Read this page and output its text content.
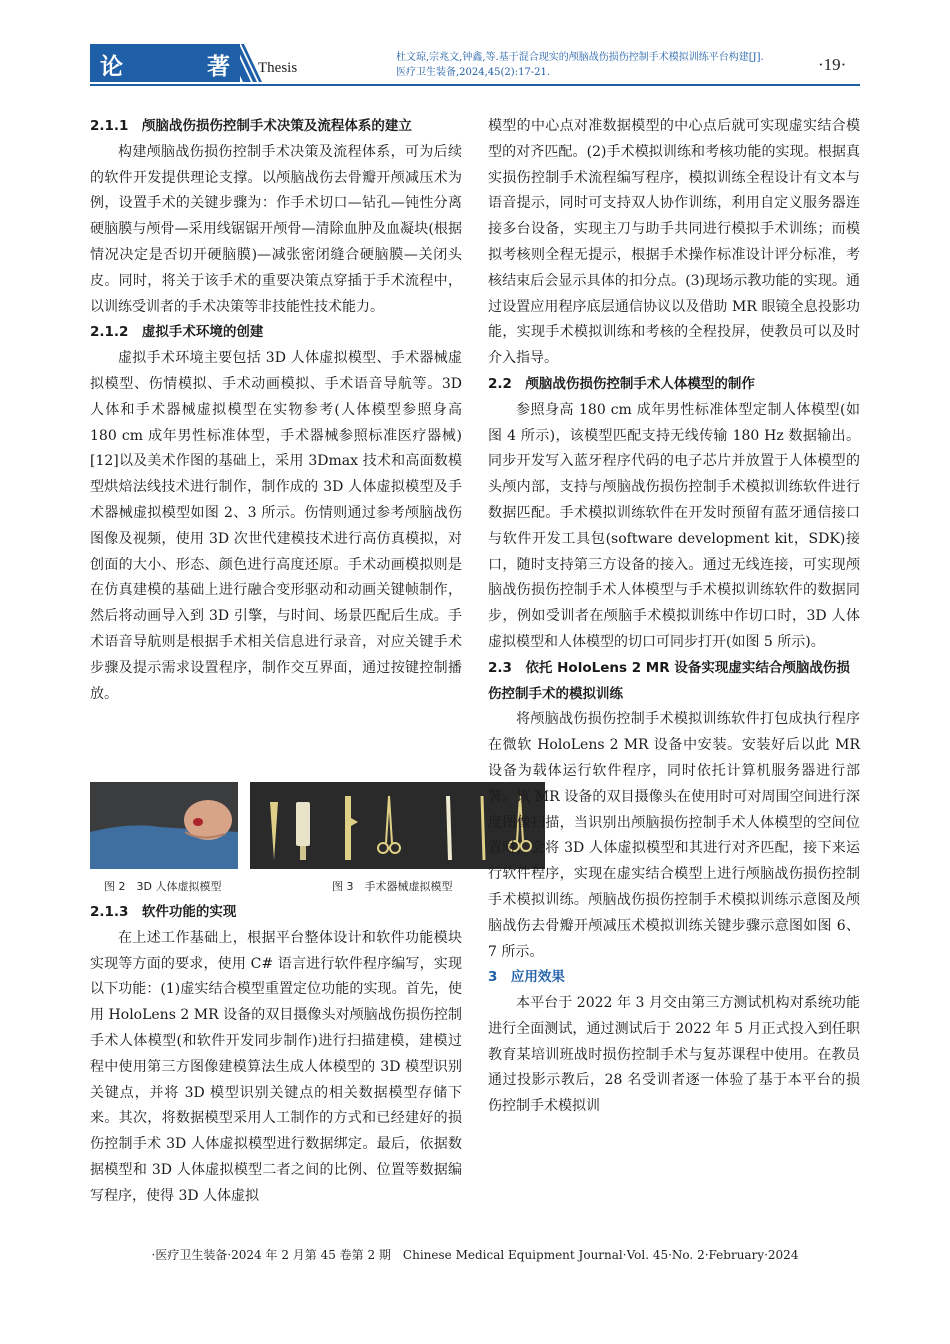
论	著 Thesis
杜文琼,宗兆文,钟鑫,等.基于混合现实的颅脑战伤损伤控制手术模拟训练平台构建[J].
医疗卫生装备,2024,45(2):17-21.	·19·
2.1.1　颅脑战伤损伤控制手术决策及流程体系的建立

构建颅脑战伤损伤控制手术决策及流程体系，可为后续的软件开发提供理论支撑。以颅脑战伤去骨瓣开颅减压术为例，设置手术的关键步骤为：作手术切口—钻孔—钝性分离硬脑膜与颅骨—采用线锯锯开颅骨—清除血肿及血凝块(根据情况决定是否切开硬脑膜)—减张密闭缝合硬脑膜—关闭头皮。同时，将关于该手术的重要决策点穿插于手术流程中，以训练受训者的手术决策等非技能性技术能力。

2.1.2　虚拟手术环境的创建

虚拟手术环境主要包括 3D 人体虚拟模型、手术器械虚拟模型、伤情模拟、手术动画模拟、手术语音导航等。3D 人体和手术器械虚拟模型在实物参考(人体模型参照身高 180 cm 成年男性标准体型，手术器械参照标准医疗器械)[12]以及美术作图的基础上，采用 3Dmax 技术和高面数模型烘焙法线技术进行制作，制作成的 3D 人体虚拟模型及手术器械虚拟模型如图 2、3 所示。伤情则通过参考颅脑战伤图像及视频，使用 3D 次世代建模技术进行高仿真模拟，对创面的大小、形态、颜色进行高度还原。手术动画模拟则是在仿真建模的基础上进行融合变形驱动和动画关键帧制作，然后将动画导入到 3D 引擎，与时间、场景匹配后生成。手术语音导航则是根据手术相关信息进行录音，对应关键手术步骤及提示需求设置程序，制作交互界面，通过按键控制播放。

图 2　3D 人体虚拟模型	图 3　手术器械虚拟模型
2.1.3　软件功能的实现

在上述工作基础上，根据平台整体设计和软件功能模块实现等方面的要求，使用 C# 语言进行软件程序编写，实现以下功能：(1)虚实结合模型重置定位功能的实现。首先，使用 HoloLens 2 MR 设备的双目摄像头对颅脑战伤损伤控制手术人体模型(和软件开发同步制作)进行扫描建模，建模过程中使用第三方图像建模算法生成人体模型的 3D 模型识别关键点，并将 3D 模型识别关键点的相关数据模型存储下来。其次，将数据模型采用人工制作的方式和已经建好的损伤控制手术 3D 人体虚拟模型进行数据绑定。最后，依据数据模型和 3D 人体虚拟模型二者之间的比例、位置等数据编写程序，使得 3D 人体虚拟

模型的中心点对准数据模型的中心点后就可实现虚实结合模型的对齐匹配。(2)手术模拟训练和考核功能的实现。根据真实损伤控制手术流程编写程序，模拟训练全程设计有文本与语音提示，同时可支持双人协作训练，利用自定义服务器连接多台设备，实现主刀与助手共同进行模拟手术训练；而模拟考核则全程无提示，根据手术操作标准设计评分标准，考核结束后会显示具体的扣分点。(3)现场示教功能的实现。通过设置应用程序底层通信协议以及借助 MR 眼镜全息投影功能，实现手术模拟训练和考核的全程投屏，使教员可以及时介入指导。

2.2　颅脑战伤损伤控制手术人体模型的制作

参照身高 180 cm 成年男性标准体型定制人体模型(如图 4 所示)，该模型匹配支持无线传输 180 Hz 数据输出。同步开发写入蓝牙程序代码的电子芯片并放置于人体模型的头颅内部，支持与颅脑战伤损伤控制手术模拟训练软件进行数据匹配。手术模拟训练软件在开发时预留有蓝牙通信接口与软件开发工具包(software development kit，SDK)接口，随时支持第三方设备的接入。通过无线连接，可实现颅脑战伤损伤控制手术人体模型与手术模拟训练软件的数据同步，例如受训者在颅脑手术模拟训练中作切口时，3D 人体虚拟模型和人体模型的切口可同步打开(如图 5 所示)。

2.3　依托 HoloLens 2 MR 设备实现虚实结合颅脑战伤损伤控制手术的模拟训练

将颅脑战伤损伤控制手术模拟训练软件打包成执行程序在微软 HoloLens 2 MR 设备中安装。安装好后以此 MR 设备为载体运行软件程序，同时依托计算机服务器进行部署。该 MR 设备的双目摄像头在使用时可对周围空间进行深度图像扫描，当识别出颅脑损伤控制手术人体模型的空间位置时，会将 3D 人体虚拟模型和其进行对齐匹配，接下来运行软件程序，实现在虚实结合模型上进行颅脑战伤损伤控制手术模拟训练。颅脑战伤损伤控制手术模拟训练示意图及颅脑战伤去骨瓣开颅减压术模拟训练关键步骤示意图如图 6、7 所示。

3　应用效果

本平台于 2022 年 3 月交由第三方测试机构对系统功能进行全面测试，通过测试后于 2022 年 5 月正式投入到任职教育某培训班战时损伤控制手术与复苏课程中使用。在教员通过投影示教后，28 名受训者逐一体验了基于本平台的损伤控制手术模拟训

·医疗卫生装备·2024 年 2 月第 45 卷第 2 期　Chinese Medical Equipment Journal·Vol. 45·No. 2·February·2024
